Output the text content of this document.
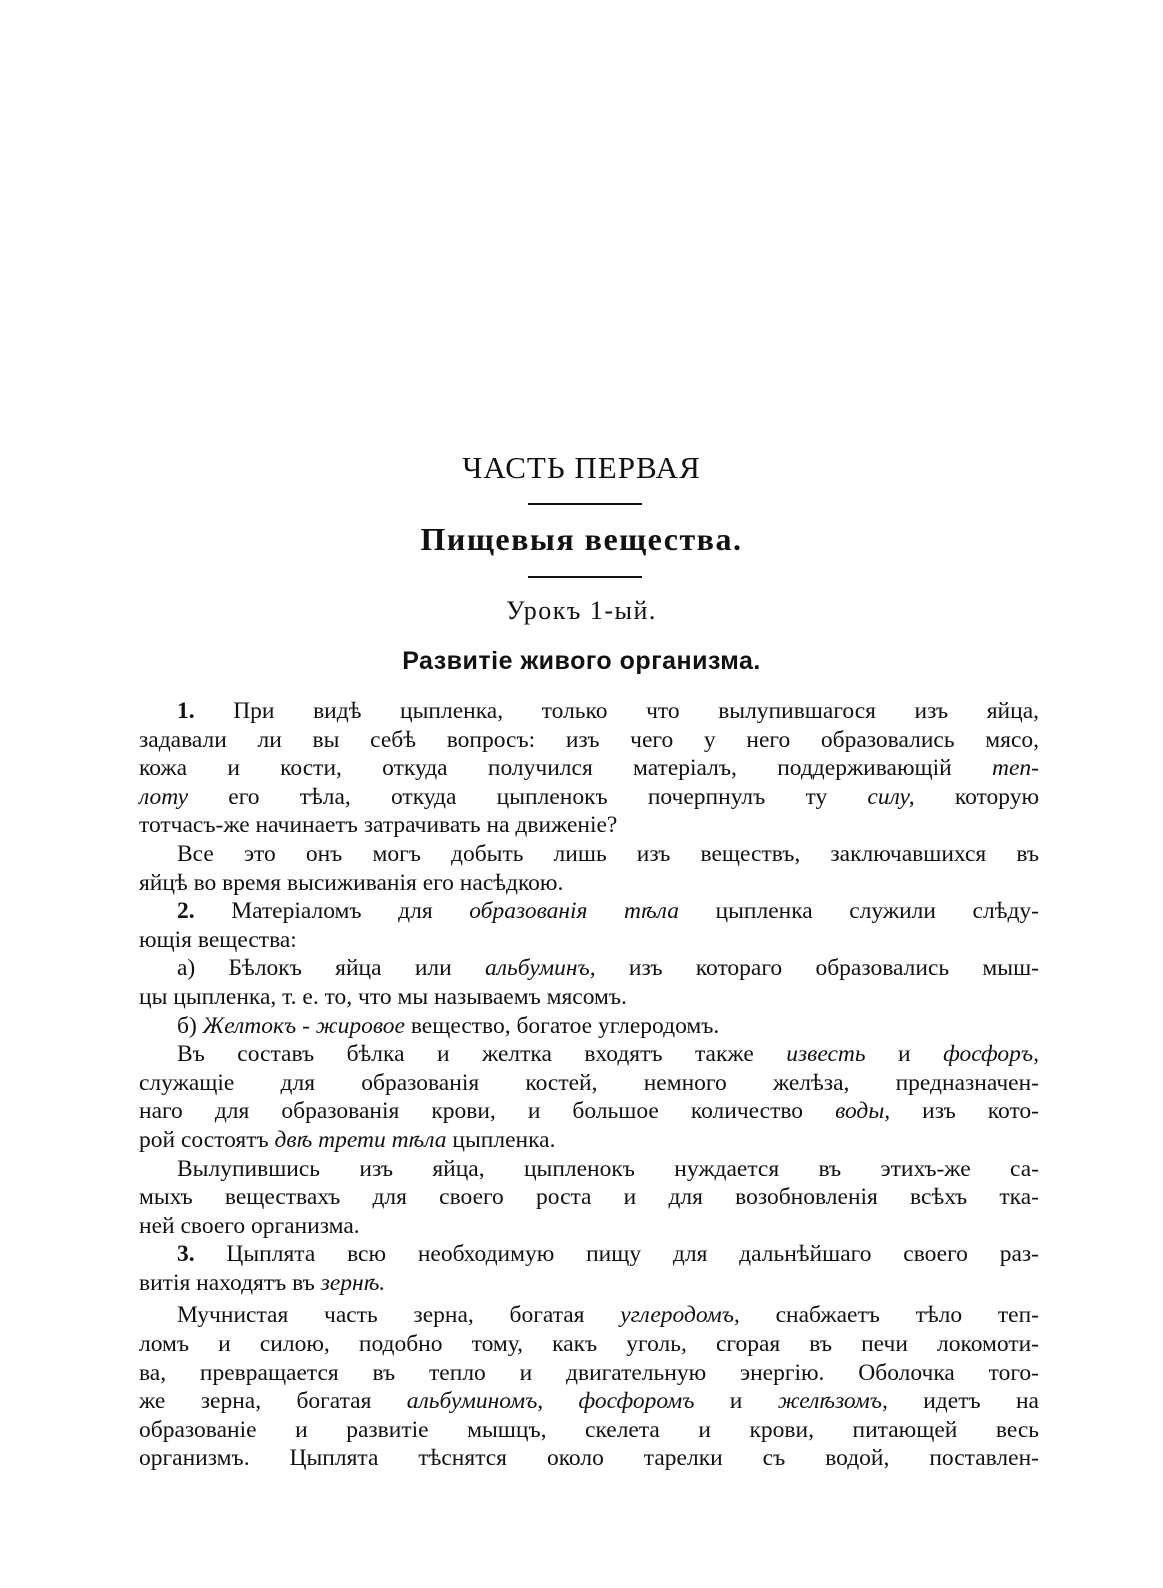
ЧАСТЬ ПЕРВАЯ
Пищевыя вещества.
Урокъ 1-ый.
Развитіе живого организма.
1. При видѣ цыпленка, только что вылупившагося изъ яйца,
задавали ли вы себѣ вопросъ: изъ чего у него образовались мясо,
кожа и кости, откуда получился матеріалъ, поддерживающій теп-
лоту его тѣла, откуда цыпленокъ почерпнулъ ту силу, которую
тотчасъ-же начинаетъ затрачивать на движеніе?
Все это онъ могъ добыть лишь изъ веществъ, заключавшихся въ
яйцѣ во время высиживанія его насѣдкою.
2. Матеріаломъ для образованія тѣла цыпленка служили слѣду-
ющія вещества:
а) Бѣлокъ яйца или альбуминъ, изъ котораго образовались мыш-
цы цыпленка, т. е. то, что мы называемъ мясомъ.
б) Желтокъ - жировое вещество, богатое углеродомъ.
Въ составъ бѣлка и желтка входятъ также известь и фосфоръ,
служащіе для образованія костей, немного желѣза, предназначен-
наго для образованія крови, и большое количество воды, изъ кото-
рой состоятъ двѣ трети тѣла цыпленка.
Вылупившись изъ яйца, цыпленокъ нуждается въ этихъ-же са-
мыхъ веществахъ для своего роста и для возобновленія всѣхъ тка-
ней своего организма.
3. Цыплята всю необходимую пищу для дальнѣйшаго своего раз-
витія находятъ въ зернѣ.
Мучнистая часть зерна, богатая углеродомъ, снабжаетъ тѣло теп-
ломъ и силою, подобно тому, какъ уголь, сгорая въ печи локомоти-
ва, превращается въ тепло и двигательную энергію. Оболочка того-
же зерна, богатая альбуминомъ, фосфоромъ и желѣзомъ, идетъ на
образованіе и развитіе мышцъ, скелета и крови, питающей весь
организмъ. Цыплята тѣснятся около тарелки съ водой, поставлен-
